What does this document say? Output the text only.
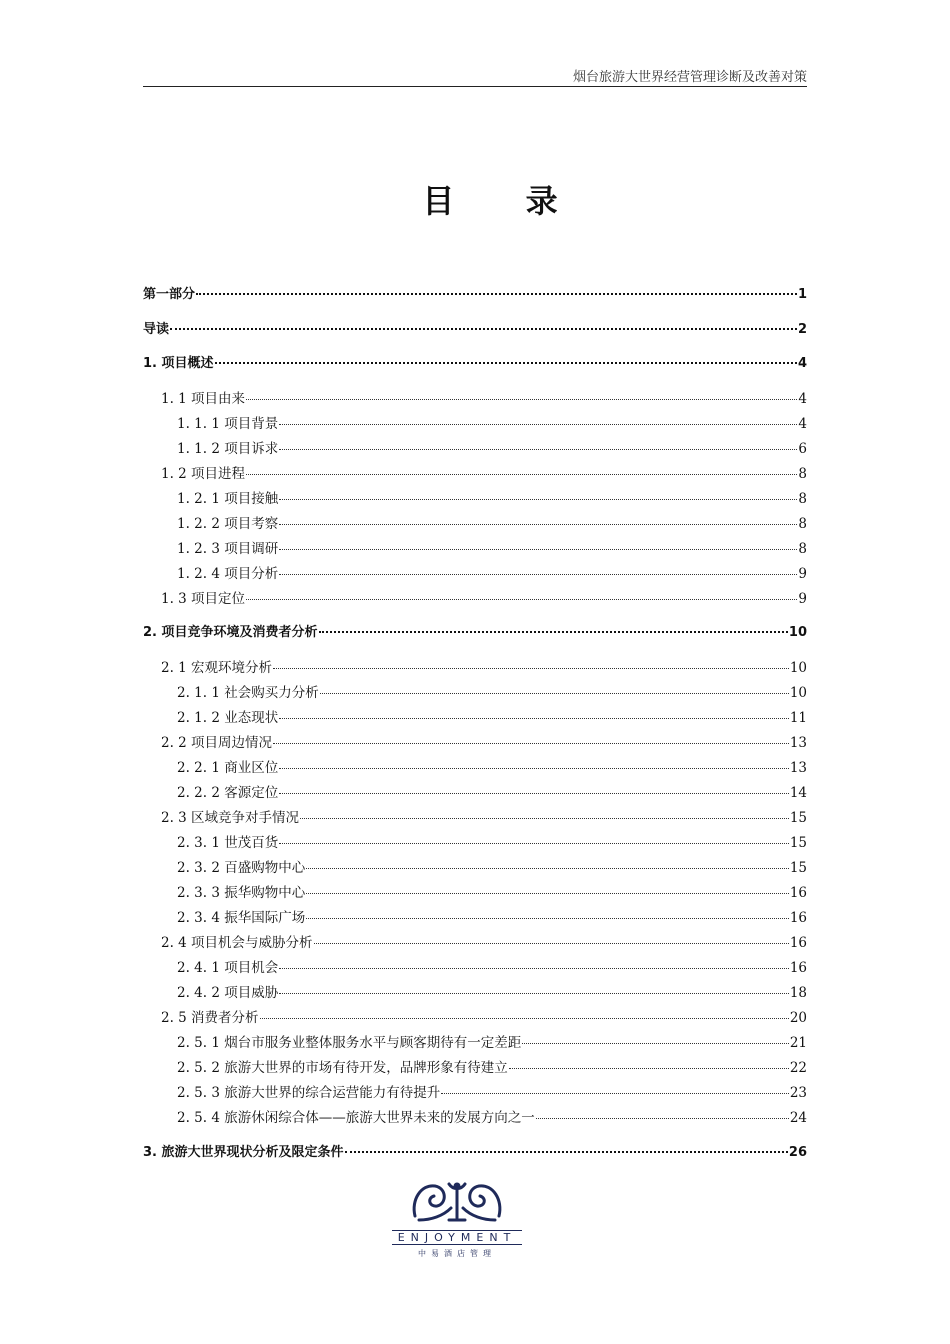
烟台旅游大世界经营管理诊断及改善对策
目 录
第一部分	1
导读	2
1. 项目概述	4
1. 1 项目由来	4
1. 1. 1 项目背景	4
1. 1. 2 项目诉求	6
1. 2 项目进程	8
1. 2. 1 项目接触	8
1. 2. 2 项目考察	8
1. 2. 3 项目调研	8
1. 2. 4 项目分析	9
1. 3 项目定位	9
2. 项目竞争环境及消费者分析	10
2. 1 宏观环境分析	10
2. 1. 1 社会购买力分析	10
2. 1. 2 业态现状	11
2. 2 项目周边情况	13
2. 2. 1 商业区位	13
2. 2. 2 客源定位	14
2. 3 区域竞争对手情况	15
2. 3. 1 世茂百货	15
2. 3. 2 百盛购物中心	15
2. 3. 3 振华购物中心	16
2. 3. 4 振华国际广场	16
2. 4 项目机会与威胁分析	16
2. 4. 1 项目机会	16
2. 4. 2 项目威胁	18
2. 5 消费者分析	20
2. 5. 1 烟台市服务业整体服务水平与顾客期待有一定差距	21
2. 5. 2 旅游大世界的市场有待开发，品牌形象有待建立	22
2. 5. 3 旅游大世界的综合运营能力有待提升	23
2. 5. 4 旅游休闲综合体——旅游大世界未来的发展方向之一	24
3. 旅游大世界现状分析及限定条件	26
ENJOYMENT
中易酒店管理
